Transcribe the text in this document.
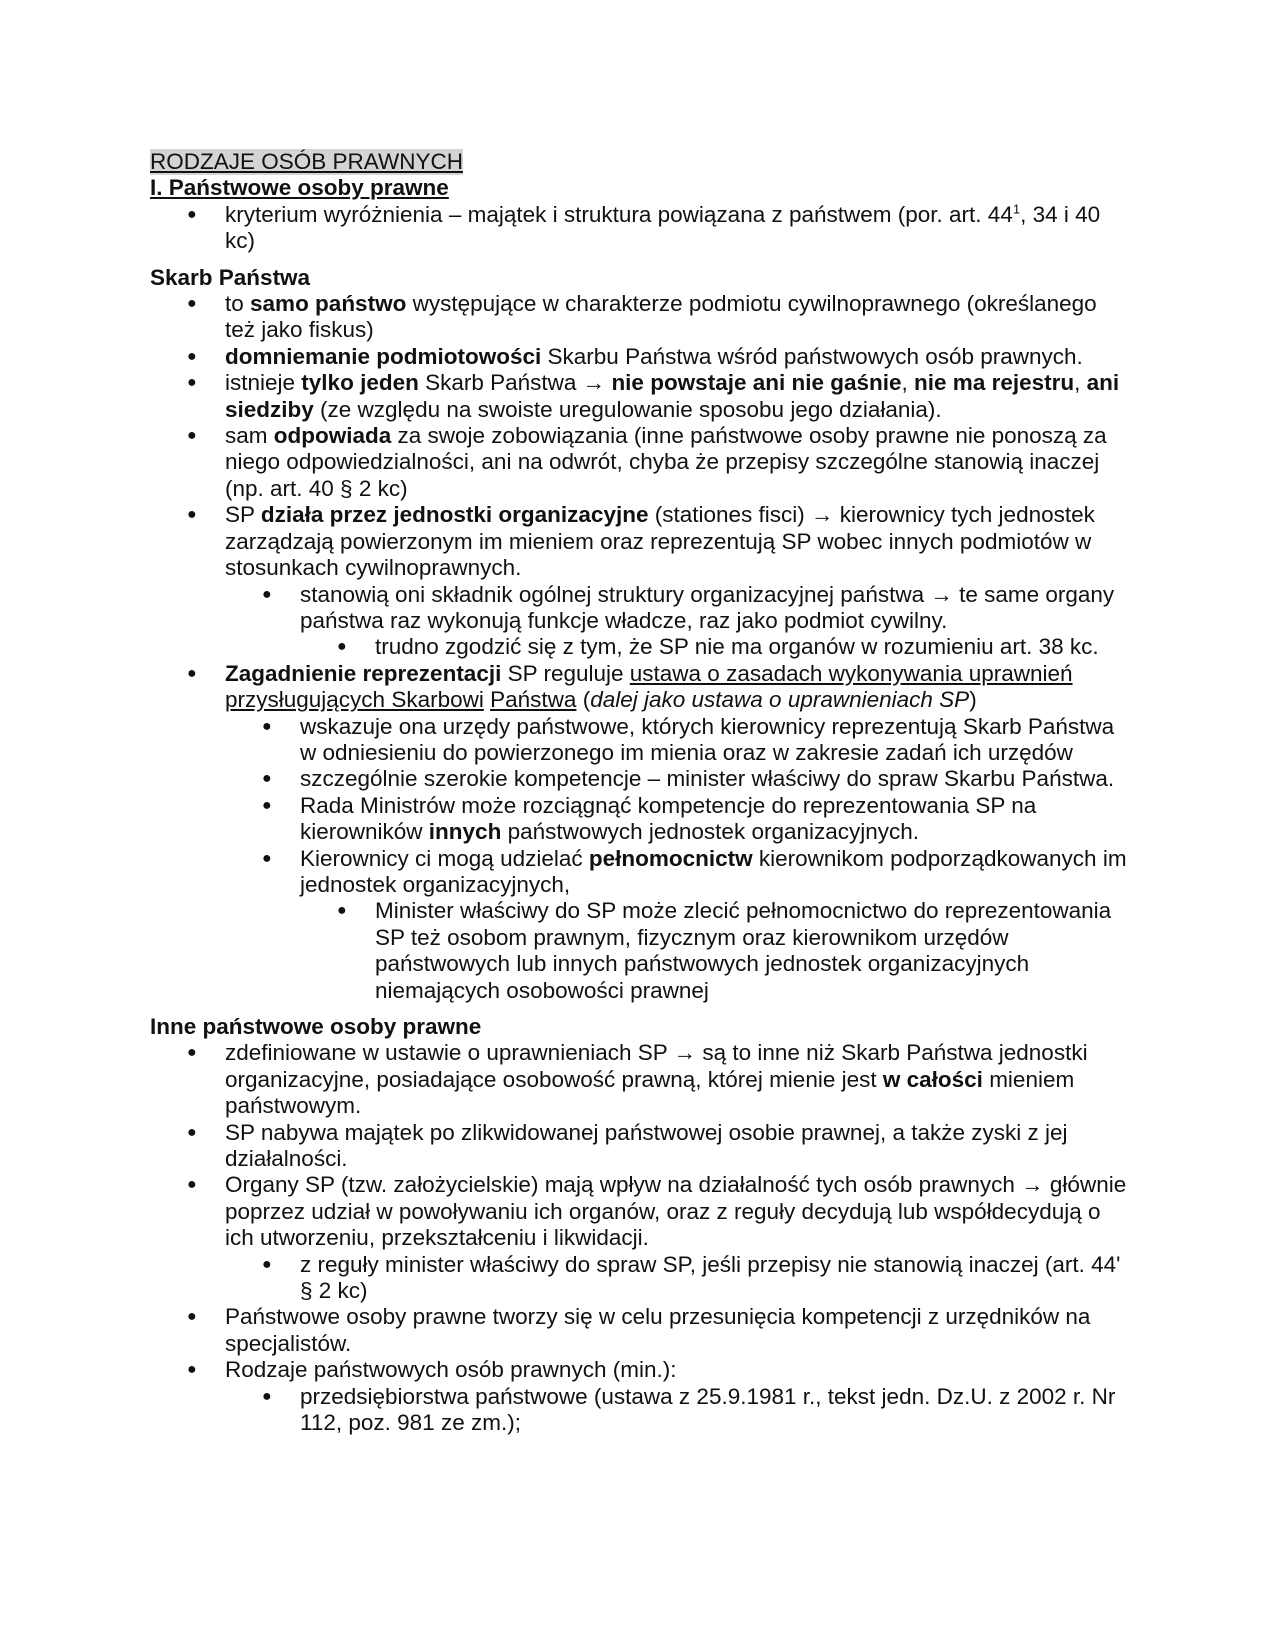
RODZAJE OSÓB PRAWNYCH
I. Państwowe osoby prawne
● kryterium wyróżnienia – majątek i struktura powiązana z państwem (por. art. $44^1$, 34 i 40 kc)
Skarb Państwa
● to samo państwo występujące w charakterze podmiotu cywilnoprawnego (określanego też jako fiskus)
● domniemanie podmiotowości Skarbu Państwa wśród państwowych osób prawnych.
● istnieje tylko jeden Skarb Państwa → nie powstaje ani nie gaśnie, nie ma rejestru, ani siedziby (ze względu na swoiste uregulowanie sposobu jego działania).
● sam odpowiada za swoje zobowiązania (inne państwowe osoby prawne nie ponoszą za niego odpowiedzialności, ani na odwrót, chyba że przepisy szczególne stanowią inaczej (np. art. 40 § 2 kc)
● SP działa przez jednostki organizacyjne (stationes fisci) → kierownicy tych jednostek zarządzają powierzonym im mieniem oraz reprezentują SP wobec innych podmiotów w stosunkach cywilnoprawnych.
● stanowią oni składnik ogólnej struktury organizacyjnej państwa → te same organy państwa raz wykonują funkcje władcze, raz jako podmiot cywilny.
● trudno zgodzić się z tym, że SP nie ma organów w rozumieniu art. 38 kc.
● Zagadnienie reprezentacji SP reguluje ustawa o zasadach wykonywania uprawnień przysługujących Skarbowi Państwa (dalej jako ustawa o uprawnieniach SP)
● wskazuje ona urzędy państwowe, których kierownicy reprezentują Skarb Państwa w odniesieniu do powierzonego im mienia oraz w zakresie zadań ich urzędów
● szczególnie szerokie kompetencje – minister właściwy do spraw Skarbu Państwa.
● Rada Ministrów może rozciągnąć kompetencje do reprezentowania SP na kierowników innych państwowych jednostek organizacyjnych.
● Kierownicy ci mogą udzielać pełnomocnictw kierownikom podporządkowanych im jednostek organizacyjnych,
● Minister właściwy do SP może zlecić pełnomocnictwo do reprezentowania SP też osobom prawnym, fizycznym oraz kierownikom urzędów państwowych lub innych państwowych jednostek organizacyjnych niemających osobowości prawnej
Inne państwowe osoby prawne
● zdefiniowane w ustawie o uprawnieniach SP → są to inne niż Skarb Państwa jednostki organizacyjne, posiadające osobowość prawną, której mienie jest w całości mieniem państwowym.
● SP nabywa majątek po zlikwidowanej państwowej osobie prawnej, a także zyski z jej działalności.
● Organy SP (tzw. założycielskie) mają wpływ na działalność tych osób prawnych → głównie poprzez udział w powoływaniu ich organów, oraz z reguły decydują lub współdecydują o ich utworzeniu, przekształceniu i likwidacji.
● z reguły minister właściwy do spraw SP, jeśli przepisy nie stanowią inaczej (art. 44' § 2 kc)
● Państwowe osoby prawne tworzy się w celu przesunięcia kompetencji z urzędników na specjalistów.
● Rodzaje państwowych osób prawnych (min.):
● przedsiębiorstwa państwowe (ustawa z 25.9.1981 r., tekst jedn. Dz.U. z 2002 r. Nr 112, poz. 981 ze zm.);
